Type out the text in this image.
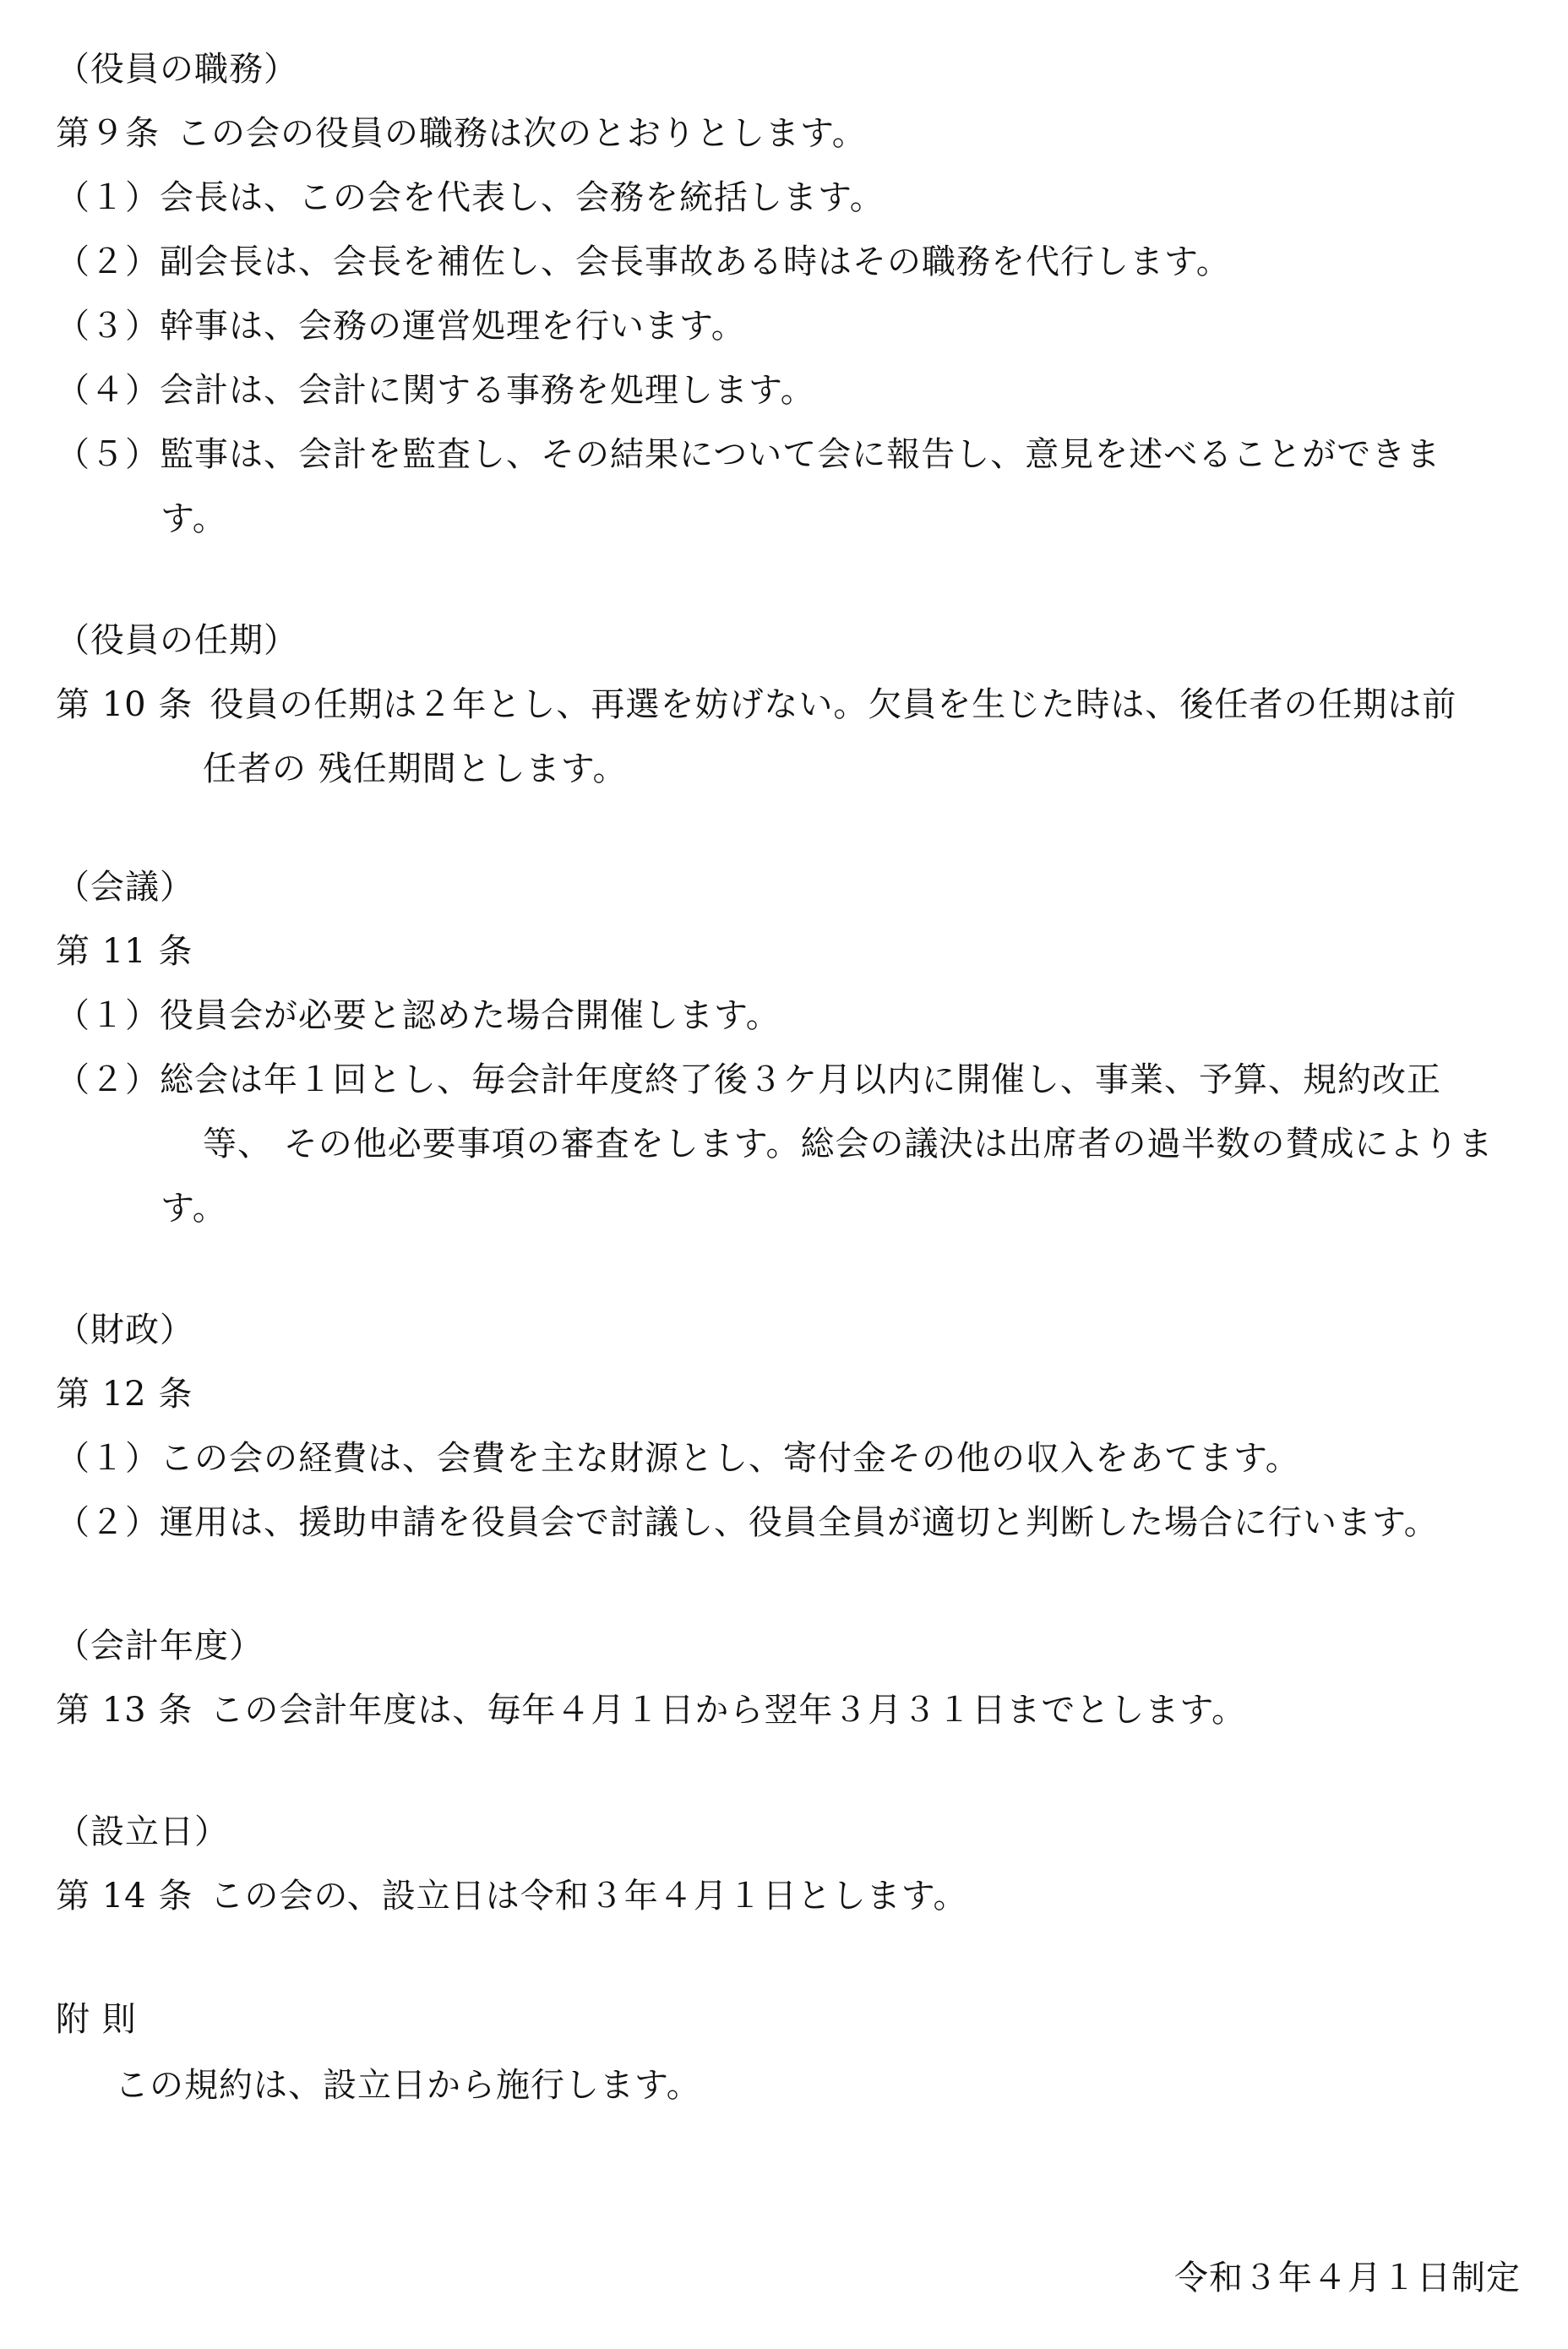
（役員の職務）
第９条 この会の役員の職務は次のとおりとします。
（１）会長は、この会を代表し、会務を統括します。
（２）副会長は、会長を補佐し、会長事故ある時はその職務を代行します。
（３）幹事は、会務の運営処理を行います。
（４）会計は、会計に関する事務を処理します。
（５）監事は、会計を監査し、その結果について会に報告し、意見を述べることができま
す。
（役員の任期）
第 10 条 役員の任期は２年とし、再選を妨げない。欠員を生じた時は、後任者の任期は前
任者の 残任期間とします。
（会議）
第 11 条
（１）役員会が必要と認めた場合開催します。
（２）総会は年１回とし、毎会計年度終了後３ケ月以内に開催し、事業、予算、規約改正
等、 その他必要事項の審査をします。総会の議決は出席者の過半数の賛成によりま
す。
（財政）
第 12 条
（１）この会の経費は、会費を主な財源とし、寄付金その他の収入をあてます。
（２）運用は、援助申請を役員会で討議し、役員全員が適切と判断した場合に行います。
（会計年度）
第 13 条 この会計年度は、毎年４月１日から翌年３月３１日までとします。
（設立日）
第 14 条 この会の、設立日は令和３年４月１日とします。
附 則
この規約は、設立日から施行します。
令和３年４月１日制定
